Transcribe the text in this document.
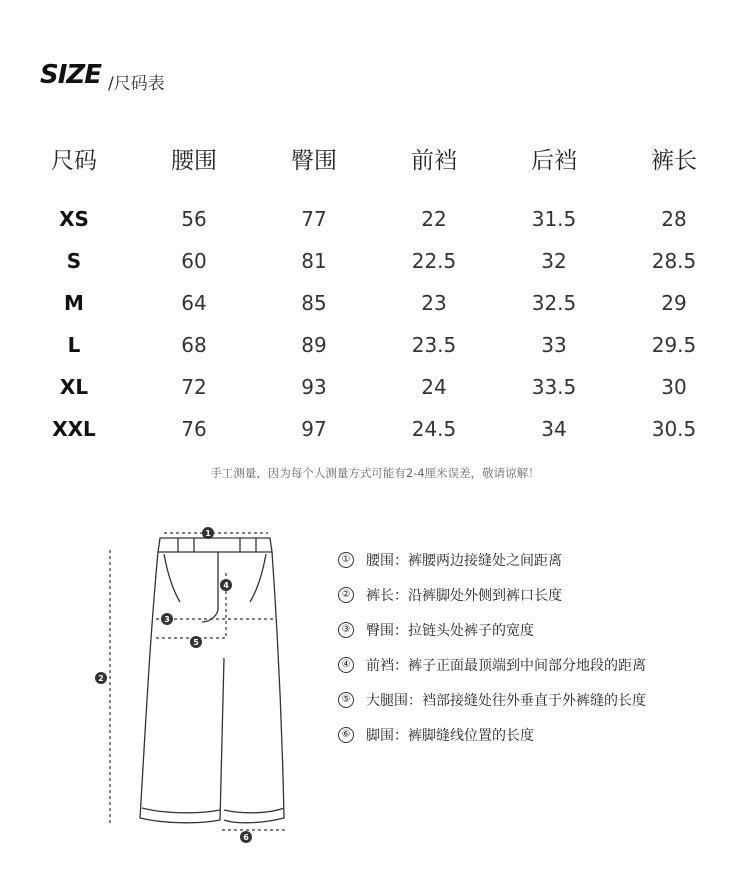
SIZE /尺码表
尺码	腰围	臀围	前裆	后裆	裤长
XS	56	77	22	31.5	28
S	60	81	22.5	32	28.5
M	64	85	23	32.5	29
L	68	89	23.5	33	29.5
XL	72	93	24	33.5	30
XXL	76	97	24.5	34	30.5
手工测量，因为每个人测量方式可能有2-4厘米误差，敬请谅解！
1
2
3
4
5
6
① 腰围： 裤腰两边接缝处之间距离
② 裤长： 沿裤脚处外侧到裤口长度
③ 臀围： 拉链头处裤子的宽度
④ 前裆： 裤子正面最顶端到中间部分地段的距离
⑤ 大腿围： 裆部接缝处往外垂直于外裤缝的长度
⑥ 脚围： 裤脚缝线位置的长度
